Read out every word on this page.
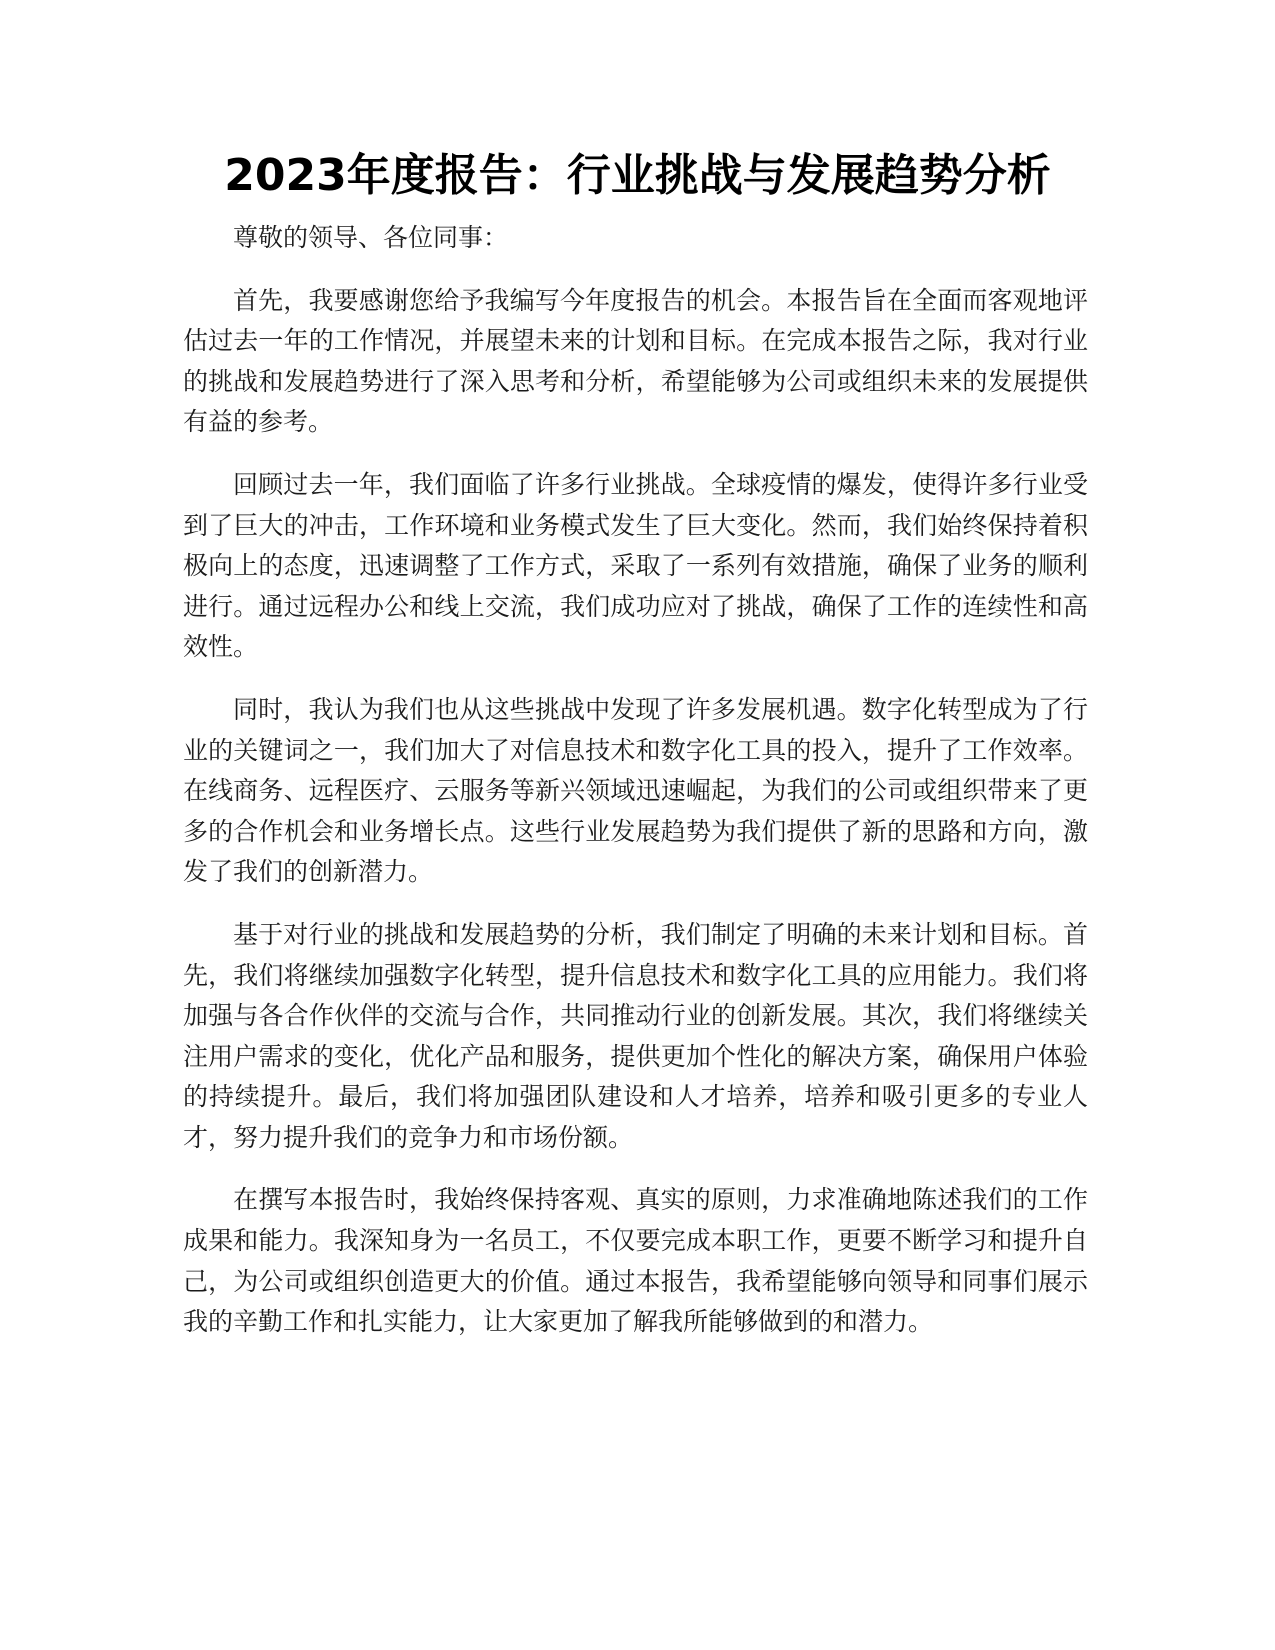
2023年度报告：行业挑战与发展趋势分析

尊敬的领导、各位同事：

首先，我要感谢您给予我编写今年度报告的机会。本报告旨在全面而客观地评估过去一年的工作情况，并展望未来的计划和目标。在完成本报告之际，我对行业的挑战和发展趋势进行了深入思考和分析，希望能够为公司或组织未来的发展提供有益的参考。

回顾过去一年，我们面临了许多行业挑战。全球疫情的爆发，使得许多行业受到了巨大的冲击，工作环境和业务模式发生了巨大变化。然而，我们始终保持着积极向上的态度，迅速调整了工作方式，采取了一系列有效措施，确保了业务的顺利进行。通过远程办公和线上交流，我们成功应对了挑战，确保了工作的连续性和高效性。

同时，我认为我们也从这些挑战中发现了许多发展机遇。数字化转型成为了行业的关键词之一，我们加大了对信息技术和数字化工具的投入，提升了工作效率。在线商务、远程医疗、云服务等新兴领域迅速崛起，为我们的公司或组织带来了更多的合作机会和业务增长点。这些行业发展趋势为我们提供了新的思路和方向，激发了我们的创新潜力。

基于对行业的挑战和发展趋势的分析，我们制定了明确的未来计划和目标。首先，我们将继续加强数字化转型，提升信息技术和数字化工具的应用能力。我们将加强与各合作伙伴的交流与合作，共同推动行业的创新发展。其次，我们将继续关注用户需求的变化，优化产品和服务，提供更加个性化的解决方案，确保用户体验的持续提升。最后，我们将加强团队建设和人才培养，培养和吸引更多的专业人才，努力提升我们的竞争力和市场份额。

在撰写本报告时，我始终保持客观、真实的原则，力求准确地陈述我们的工作成果和能力。我深知身为一名员工，不仅要完成本职工作，更要不断学习和提升自己，为公司或组织创造更大的价值。通过本报告，我希望能够向领导和同事们展示我的辛勤工作和扎实能力，让大家更加了解我所能够做到的和潜力。
